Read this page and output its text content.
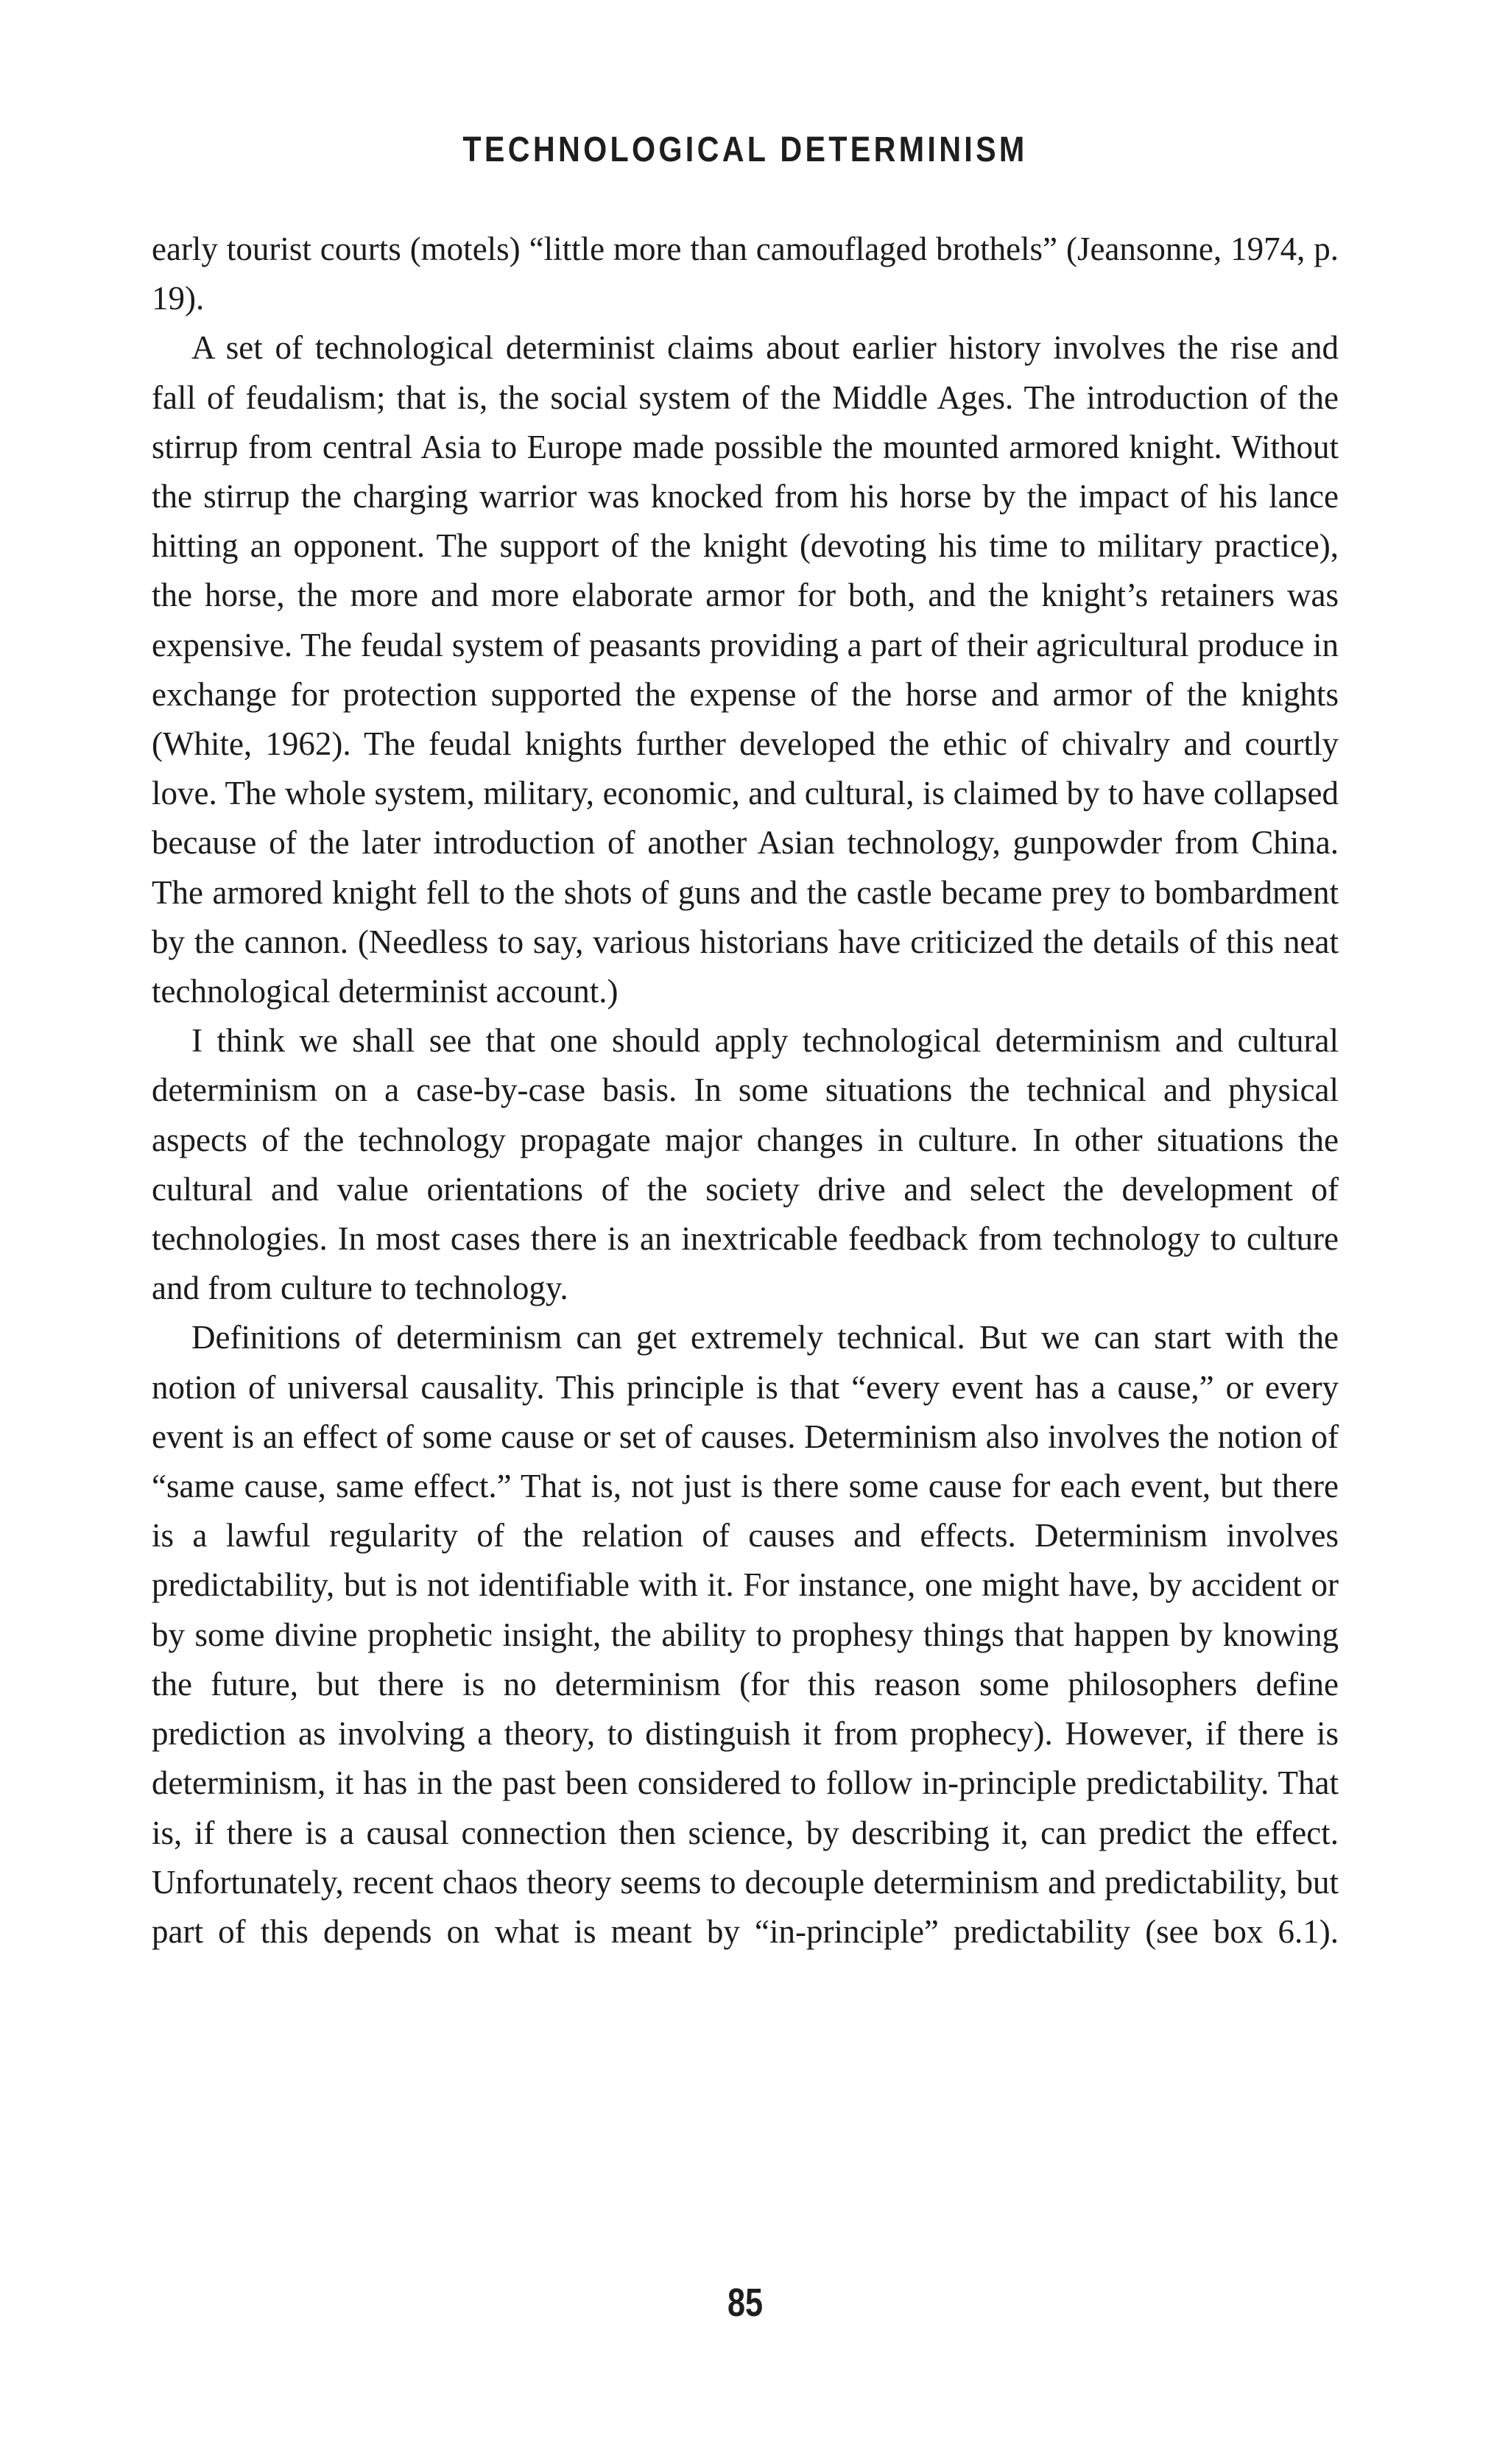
TECHNOLOGICAL DETERMINISM

early tourist courts (motels) “little more than camouflaged brothels” (Jeansonne, 1974, p. 19).

A set of technological determinist claims about earlier history involves the rise and fall of feudalism; that is, the social system of the Middle Ages. The introduction of the stirrup from central Asia to Europe made possible the mounted armored knight. Without the stirrup the charging warrior was knocked from his horse by the impact of his lance hitting an opponent. The support of the knight (devoting his time to military practice), the horse, the more and more elaborate armor for both, and the knight’s retainers was expensive. The feudal system of peasants providing a part of their agricultural produce in exchange for protection supported the expense of the horse and armor of the knights (White, 1962). The feudal knights further developed the ethic of chivalry and courtly love. The whole system, military, economic, and cultural, is claimed by to have collapsed because of the later introduction of another Asian technology, gunpowder from China. The armored knight fell to the shots of guns and the castle became prey to bombardment by the cannon. (Needless to say, various historians have criticized the details of this neat technological determinist account.)

I think we shall see that one should apply technological determinism and cultural determinism on a case-by-case basis. In some situations the technical and physical aspects of the technology propagate major changes in culture. In other situations the cultural and value orientations of the society drive and select the development of technologies. In most cases there is an inextricable feedback from technology to culture and from culture to technology.

Definitions of determinism can get extremely technical. But we can start with the notion of universal causality. This principle is that “every event has a cause,” or every event is an effect of some cause or set of causes. Determinism also involves the notion of “same cause, same effect.” That is, not just is there some cause for each event, but there is a lawful regularity of the relation of causes and effects. Determinism involves predictability, but is not identifiable with it. For instance, one might have, by accident or by some divine prophetic insight, the ability to prophesy things that happen by knowing the future, but there is no determinism (for this reason some philosophers define prediction as involving a theory, to distinguish it from prophecy). However, if there is determinism, it has in the past been considered to follow in-principle predictability. That is, if there is a causal connection then science, by describing it, can predict the effect. Unfortunately, recent chaos theory seems to decouple determinism and predictability, but part of this depends on what is meant by “in-principle” predictability (see box 6.1).

85
